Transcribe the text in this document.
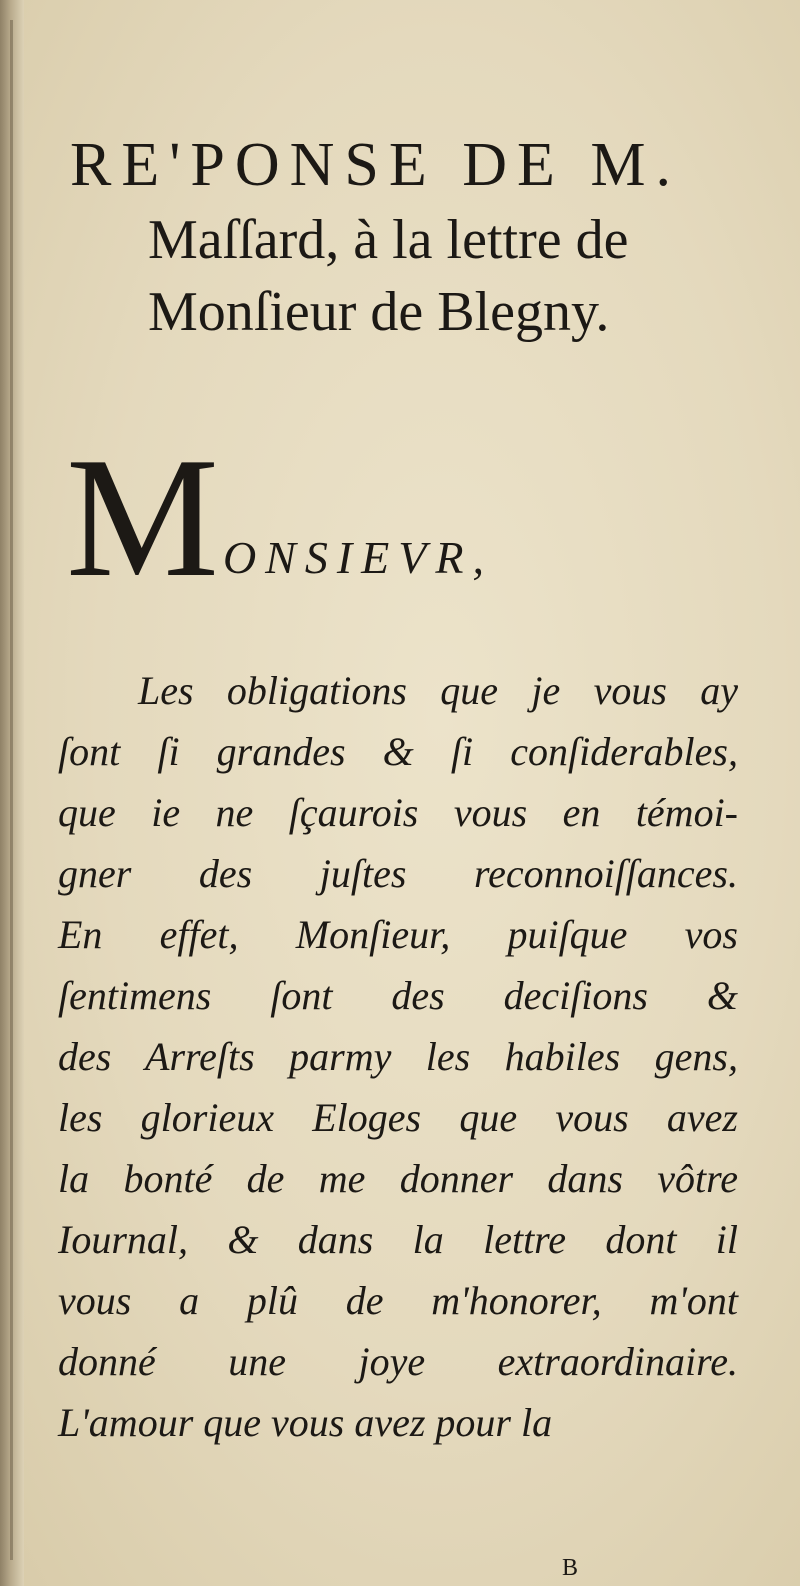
RE'PONSE DE M.

Maſſard, à la lettre de

Monſieur de Blegny.

MONSIEVR,
Les obligations que je vous ay
ſont ſi grandes & ſi conſiderables,
que ie ne ſçaurois vous en témoi-
gner des juſtes reconnoiſſances.
En effet, Monſieur, puiſque vos
ſentimens ſont des deciſions &
des Arreſts parmy les habiles gens,
les glorieux Eloges que vous avez
la bonté de me donner dans vôtre
Iournal, & dans la lettre dont il
vous a plû de m'honorer, m'ont
donné une joye extraordinaire.
L'amour que vous avez pour la
B
